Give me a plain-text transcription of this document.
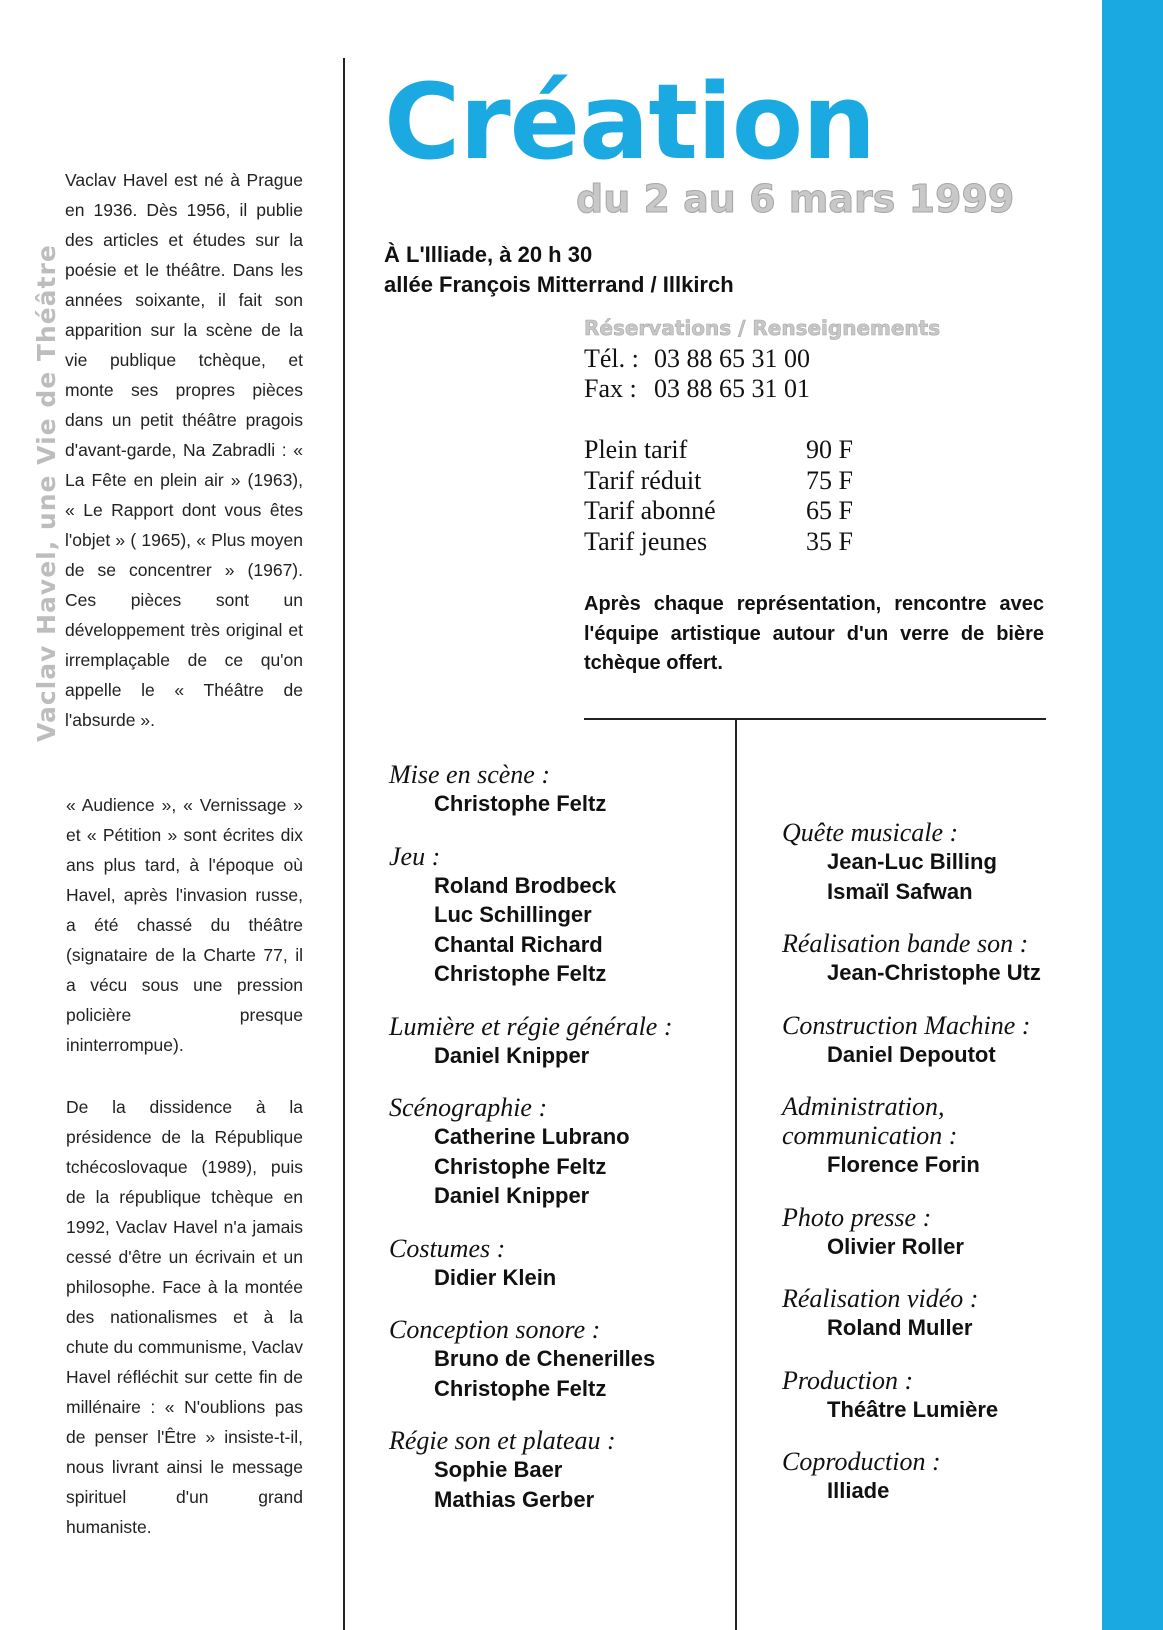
Vaclav Havel, une Vie de Théâtre

Vaclav Havel est né à Prague en 1936. Dès 1956, il publie des articles et études sur la poésie et le théâtre. Dans les années soixante, il fait son apparition sur la scène de la vie publique tchèque, et monte ses propres pièces dans un petit théâtre pragois d'avant-garde, Na Zabradli : « La Fête en plein air » (1963), « Le Rapport dont vous êtes l'objet » ( 1965), « Plus moyen de se concentrer » (1967). Ces pièces sont un développement très original et irremplaçable de ce qu'on appelle le « Théâtre de l'absurde ».

« Audience », « Vernissage » et « Pétition » sont écrites dix ans plus tard, à l'époque où Havel, après l'invasion russe, a été chassé du théâtre (signataire de la Charte 77, il a vécu sous une pression policière presque ininterrompue).

De la dissidence à la présidence de la République tchécoslovaque (1989), puis de la république tchèque en 1992, Vaclav Havel n'a jamais cessé d'être un écrivain et un philosophe. Face à la montée des nationalismes et à la chute du communisme, Vaclav Havel réfléchit sur cette fin de millénaire : « N'oublions pas de penser l'Être » insiste-t-il, nous livrant ainsi le message spirituel d'un grand humaniste.

Création
du 2 au 6 mars 1999
À L'Illiade, à 20 h 30
allée François Mitterrand / Illkirch
Réservations / Renseignements
Tél. : 03 88 65 31 00
Fax : 03 88 65 31 01
Plein tarif	90 F
Tarif réduit	75 F
Tarif abonné	65 F
Tarif jeunes	35 F
Après chaque représentation, rencontre avec l'équipe artistique autour d'un verre de bière tchèque offert.
Mise en scène :
Christophe Feltz
Jeu :
Roland Brodbeck
Luc Schillinger
Chantal Richard
Christophe Feltz
Lumière et régie générale :
Daniel Knipper
Scénographie :
Catherine Lubrano
Christophe Feltz
Daniel Knipper
Costumes :
Didier Klein
Conception sonore :
Bruno de Chenerilles
Christophe Feltz
Régie son et plateau :
Sophie Baer
Mathias Gerber
Quête musicale :
Jean-Luc Billing
Ismaïl Safwan
Réalisation bande son :
Jean-Christophe Utz
Construction Machine :
Daniel Depoutot
Administration, communication :
Florence Forin
Photo presse :
Olivier Roller
Réalisation vidéo :
Roland Muller
Production :
Théâtre Lumière
Coproduction :
Illiade
